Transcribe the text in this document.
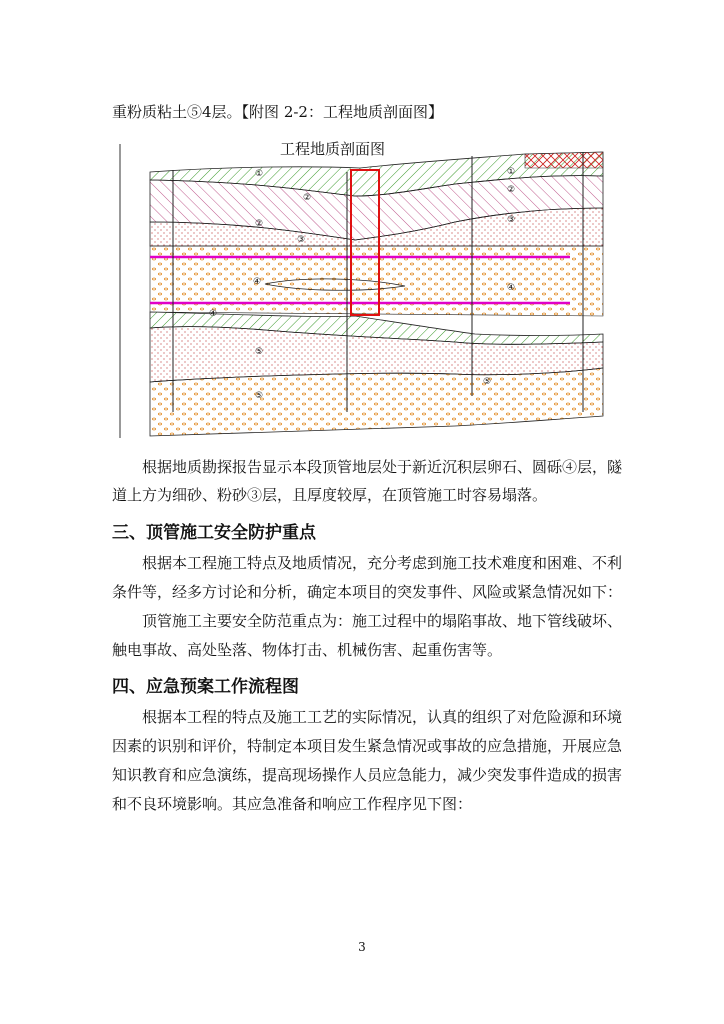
重粉质粘土⑤4层。【附图 2-2：工程地质剖面图】
工程地质剖面图
①
②
②
③
④
④
⑤
⑤
⑤
①
②
③
④
根据地质勘探报告显示本段顶管地层处于新近沉积层卵石、圆砾④层，隧
道上方为细砂、粉砂③层，且厚度较厚，在顶管施工时容易塌落。
三、顶管施工安全防护重点
根据本工程施工特点及地质情况，充分考虑到施工技术难度和困难、不利
条件等，经多方讨论和分析，确定本项目的突发事件、风险或紧急情况如下：
顶管施工主要安全防范重点为：施工过程中的塌陷事故、地下管线破坏、
触电事故、高处坠落、物体打击、机械伤害、起重伤害等。
四、应急预案工作流程图
根据本工程的特点及施工工艺的实际情况，认真的组织了对危险源和环境
因素的识别和评价，特制定本项目发生紧急情况或事故的应急措施，开展应急
知识教育和应急演练，提高现场操作人员应急能力，减少突发事件造成的损害
和不良环境影响。其应急准备和响应工作程序见下图：
3
